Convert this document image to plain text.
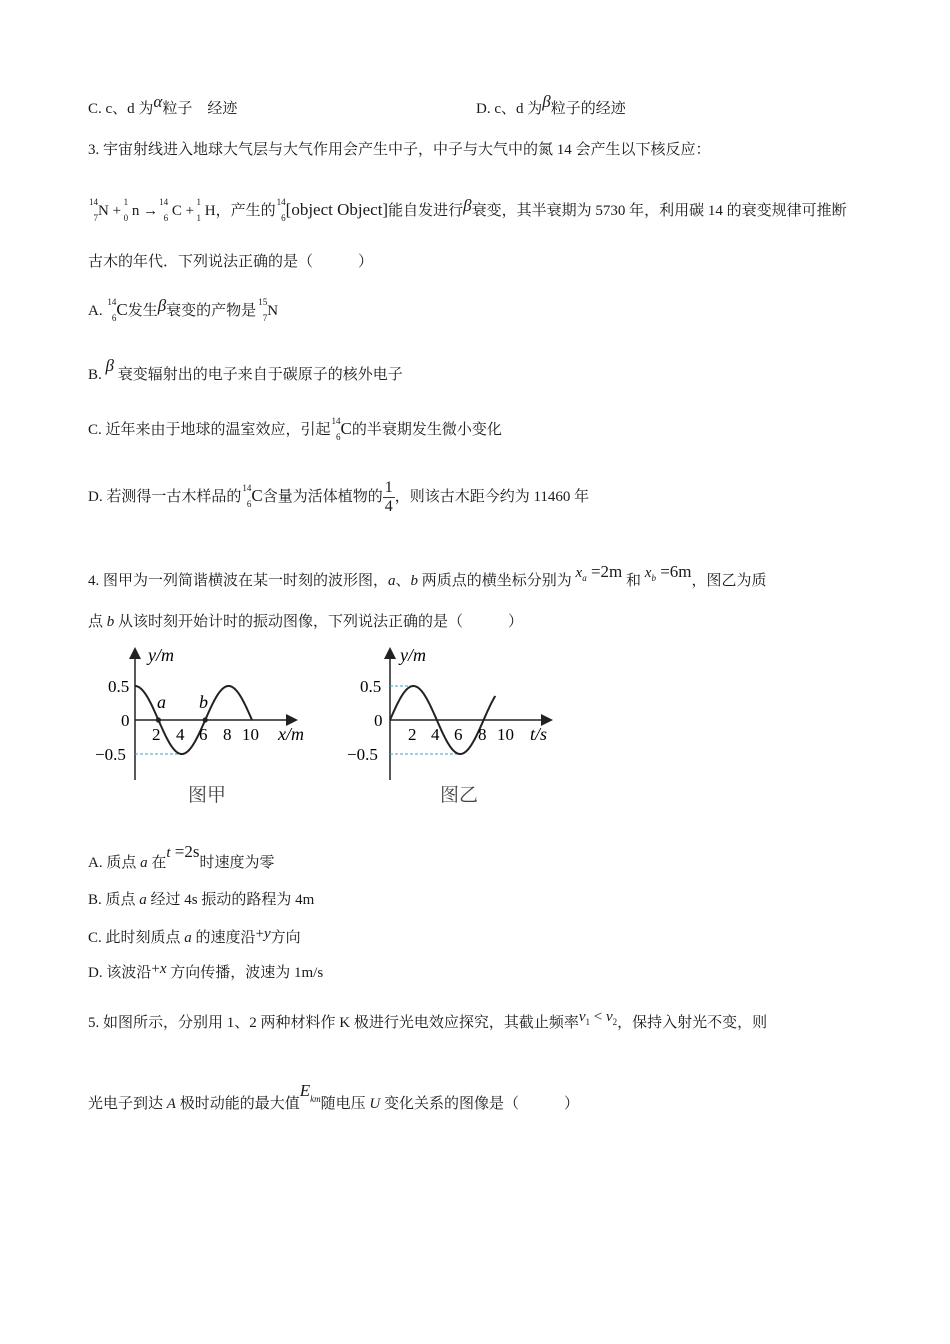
C. c、d 为α粒子　经迹	D. c、d 为β粒子的经迹
3. 宇宙射线进入地球大气层与大气作用会产生中子，中子与大气中的氮 14 会产生以下核反应：
14
7 N +
1
0 n →
14
6 C +
1
1 H，产生的
14
6 [object Object]能自发进行β衰变，其半衰期为 5730 年，利用碳 14 的衰变规律可推断
古木的年代．下列说法正确的是（　　　）
A.
14
6 C发生β衰变的产物是
15
7 N
B. β 衰变辐射出的电子来自于碳原子的核外电子
C. 近年来由于地球的温室效应，引起
14
6 C的半衰期发生微小变化
D. 若测得一古木样品的
14
6 C含量为活体植物的 $\frac{1}{4}$ ，则该古木距今约为 11460 年
4. 图甲为一列简谐横波在某一时刻的波形图，a、b 两质点的横坐标分别为 $x_a =2m$ 和 $x_b =6m$，图乙为质
点 b 从该时刻开始计时的振动图像，下列说法正确的是（　　　）
y/m
0.5
0
−0.5
2 4 6 8 10 x/m
a b
图甲
y/m
0.5
0
−0.5
2 4 6 8 10 t/s
图乙
A. 质点 a 在t =2s时速度为零
B. 质点 a 经过 4s 振动的路程为 4m
C. 此时刻质点 a 的速度沿+y方向
D. 该波沿+x 方向传播，波速为 1m/s
5. 如图所示，分别用 1、2 两种材料作 K 极进行光电效应探究，其截止频率$\nu_1 < \nu_2$，保持入射光不变，则
光电子到达 A 极时动能的最大值$E_{km}$随电压 U 变化关系的图像是（　　　）
